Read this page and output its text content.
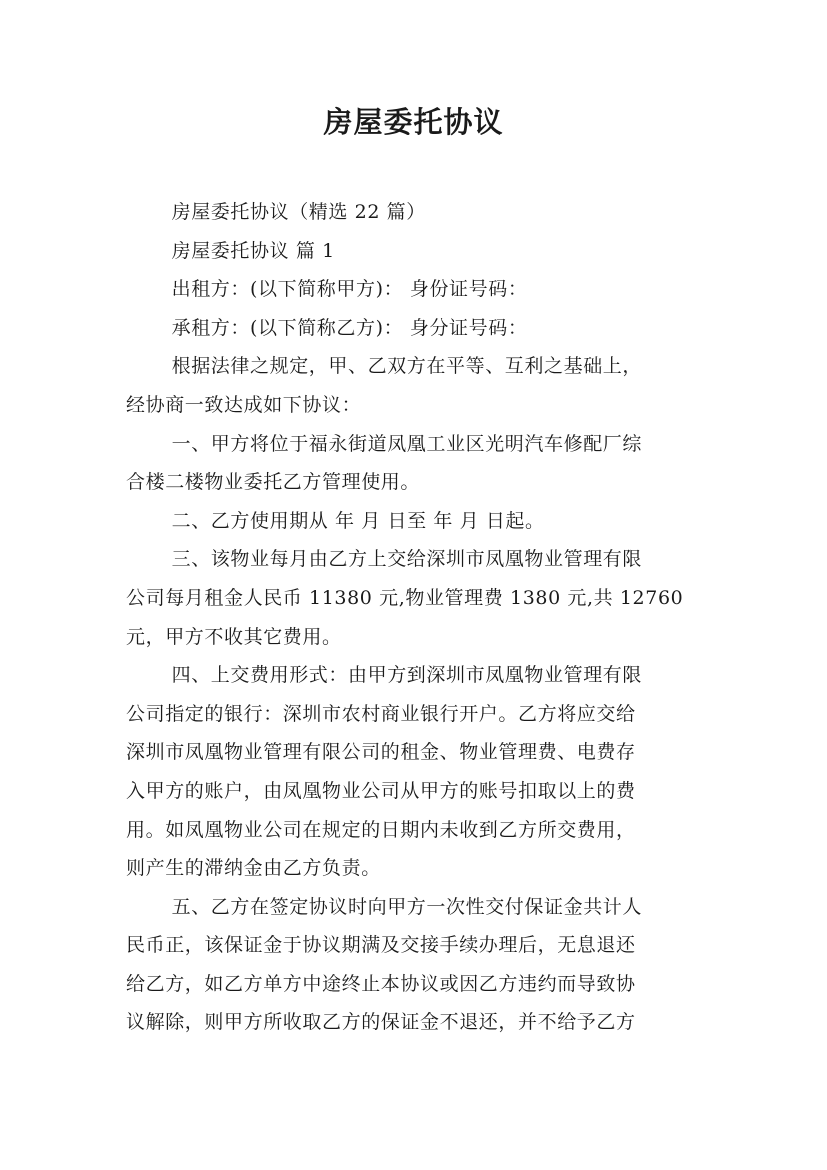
房屋委托协议

房屋委托协议（精选 22 篇）

房屋委托协议 篇 1

出租方：(以下简称甲方)： 身份证号码：

承租方：(以下简称乙方)： 身分证号码：

根据法律之规定，甲、乙双方在平等、互利之基础上，
经协商一致达成如下协议：

一、甲方将位于福永街道凤凰工业区光明汽车修配厂综
合楼二楼物业委托乙方管理使用。

二、乙方使用期从 年 月 日至 年 月 日起。

三、该物业每月由乙方上交给深圳市凤凰物业管理有限
公司每月租金人民币 11380 元,物业管理费 1380 元,共 12760
元，甲方不收其它费用。

四、上交费用形式：由甲方到深圳市凤凰物业管理有限
公司指定的银行：深圳市农村商业银行开户。乙方将应交给
深圳市凤凰物业管理有限公司的租金、物业管理费、电费存
入甲方的账户，由凤凰物业公司从甲方的账号扣取以上的费
用。如凤凰物业公司在规定的日期内未收到乙方所交费用，
则产生的滞纳金由乙方负责。

五、乙方在签定协议时向甲方一次性交付保证金共计人
民币正，该保证金于协议期满及交接手续办理后，无息退还
给乙方，如乙方单方中途终止本协议或因乙方违约而导致协
议解除，则甲方所收取乙方的保证金不退还，并不给予乙方
